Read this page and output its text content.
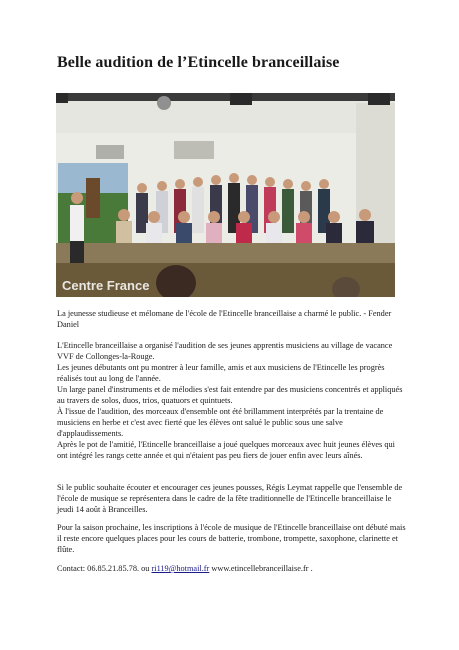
Belle audition de l’Etincelle branceillaise
Centre France
La jeunesse studieuse et mélomane de l'école de l'Etincelle branceillaise a charmé le public. - Fender Daniel
L'Etincelle branceillaise a organisé l'audition de ses jeunes apprentis musiciens au village de vacance VVF de Collonges-la-Rouge.
Les jeunes débutants ont pu montrer à leur famille, amis et aux musiciens de l'Etincelle les progrès réalisés tout au long de l'année.
Un large panel d'instruments et de mélodies s'est fait entendre par des musiciens concentrés et appliqués au travers de solos, duos, trios, quatuors et quintuets.
À l'issue de l'audition, des morceaux d'ensemble ont été brillamment interprétés par la trentaine de musiciens en herbe et c'est avec fierté que les élèves ont salué le public sous une salve d'applaudissements.
Après le pot de l'amitié, l'Etincelle branceillaise a joué quelques morceaux avec huit jeunes élèves qui ont intégré les rangs cette année et qui n'étaient pas peu fiers de jouer enfin avec leurs aînés.
Si le public souhaite écouter et encourager ces jeunes pousses, Régis Leymat rappelle que l'ensemble de l'école de musique se représentera dans le cadre de la fête traditionnelle de l'Etincelle branceillaise le jeudi 14 août à Branceilles.
Pour la saison prochaine, les inscriptions à l'école de musique de l'Etincelle branceillaise ont débuté mais il reste encore quelques places pour les cours de batterie, trombone, trompette, saxophone, clarinette et flûte.
Contact: 06.85.21.85.78. ou ri119@hotmail.fr www.etincellebranceillaise.fr .
